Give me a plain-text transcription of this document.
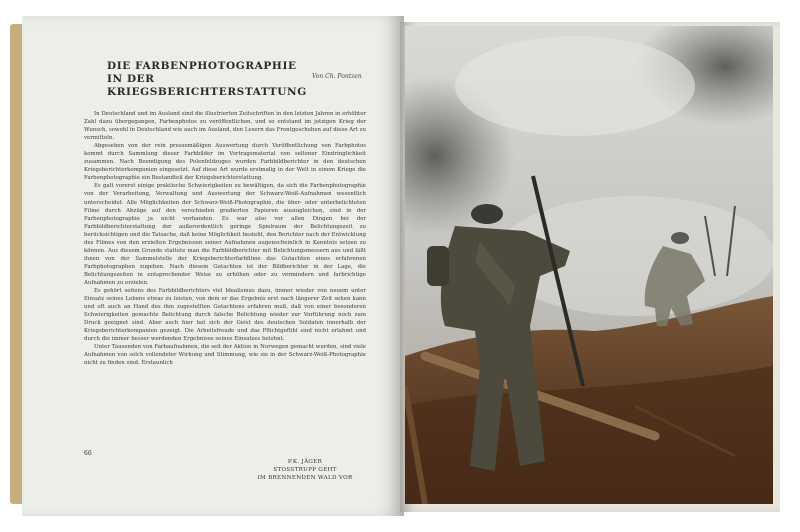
DIE FARBENPHOTOGRAPHIE
IN DER KRIEGSBERICHTERSTATTUNG
Von Ch. Pontzen

In Deutschland und im Ausland sind die illustrierten Zeitschriften in den letzten Jahren in erhöhter Zahl dazu übergegangen, Farbenphotos zu veröffentlichen, und so entstand im jetzigen Krieg der Wunsch, sowohl in Deutschland wie auch im Ausland, den Lesern das Frontgeschehen auf diese Art zu vermitteln.

Abgesehen von der rein pressemäßigen Auswertung durch Veröffentlichung von Farbphotos kommt durch Sammlung dieser Farbbilder im Vortragsmaterial von seltener Eindringlichkeit zusammen. Nach Beendigung des Polenfeldzuges wurden Farbbildberichter in den deutschen Kriegsberichterkompanien eingesetzt. Auf diese Art wurde erstmalig in der Welt in einem Kriege die Farbenphotographie ein Bestandteil der Kriegsberichterstattung.

Es galt vorerst einige praktische Schwierigkeiten zu bewältigen, da sich die Farbenphotographie von der Verarbeitung, Verwaltung und Auswertung der Schwarz-Weiß-Aufnahmen wesentlich unterscheidet. Alle Möglichkeiten der Schwarz-Weiß-Photographie, die über- oder unterbelichteten Filme durch Abzüge auf den verschieden gradierten Papieren auszugleichen, sind in der Farbenphotographie ja nicht vorhanden. Es war also vor allen Dingen bei der Farbbildberichterstattung der außerordentlich geringe Spielraum der Belichtungszeit zu berücksichtigen und die Tatsache, daß keine Möglichkeit besteht, den Berichter nach der Entwicklung des Filmes von den erzielten Ergebnissen seiner Aufnahmen augenscheinlich in Kenntnis setzen zu können. Aus diesem Grunde stattete man die Farbbildberichter mit Belichtungsmessern aus und läßt ihnen von der Sammelstelle der Kriegsberichterfarbfilme das Gutachten eines erfahrenen Farbphotographen zugehen. Nach diesem Gutachten ist der Bildberichter in der Lage, die Belichtungszeiten in entsprechender Weise zu erhöhen oder zu vermindern und farbrichtige Aufnahmen zu erzielen.

Es gehört seitens des Farbbildberichters viel Idealismus dazu, immer wieder von neuem unter Einsatz seines Lebens etwas zu leisten, von dem er das Ergebnis erst nach längerer Zeit sehen kann und oft auch an Hand des ihm zugestellten Gutachtens erfahren muß, daß von einer besonderen Schwierigkeiten gemachte Belichtung durch falsche Belichtung wieder zur Vorführung noch zum Druck geeignet sind. Aber auch hier hat sich der Geist des deutschen Soldaten innerhalb der Kriegsberichterkompanien gezeigt. Die Arbeitsfreude und das Pflichtgefühl sind nicht erlahmt und durch die immer besser werdenden Ergebnisse seines Einsatzes belohnt.

Unter Tausenden von Farbaufnahmen, die seit der Aktion in Norwegen gemacht wurden, sind viele Aufnahmen von solch vollendeter Wirkung und Stimmung, wie sie in der Schwarz-Weiß-Photographie nicht zu finden sind. Erstaunlich

66
P.K. JÄGER
STOSSTRUPP GEHT
IM BRENNENDEN WALD VOR
